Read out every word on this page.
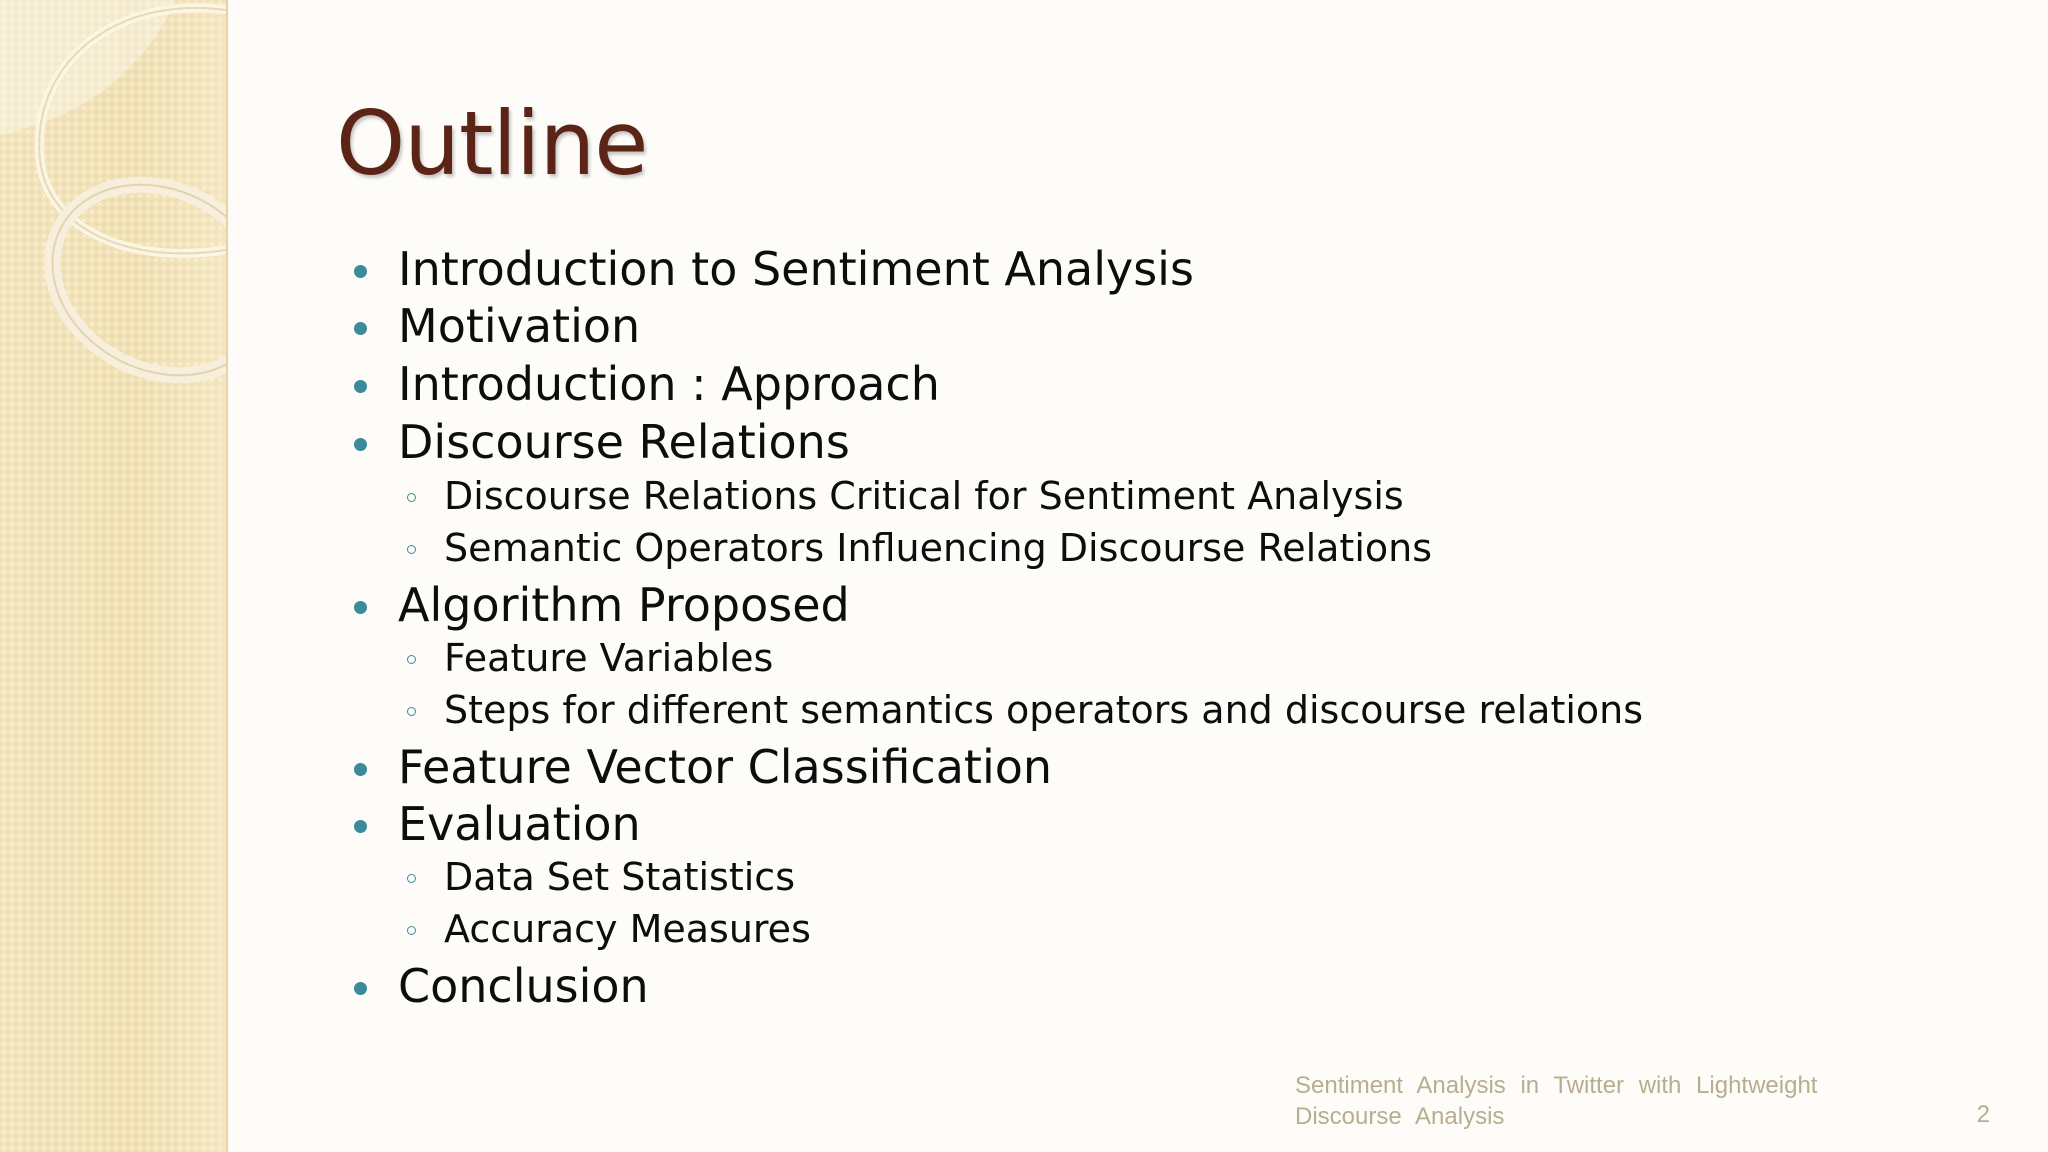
Outline
Introduction to Sentiment Analysis
Motivation
Introduction : Approach
Discourse Relations
Discourse Relations Critical for Sentiment Analysis
Semantic Operators Influencing Discourse Relations
Algorithm Proposed
Feature Variables
Steps for different semantics operators and discourse relations
Feature Vector Classification
Evaluation
Data Set Statistics
Accuracy Measures
Conclusion
Sentiment Analysis in Twitter with Lightweight
Discourse Analysis	2
